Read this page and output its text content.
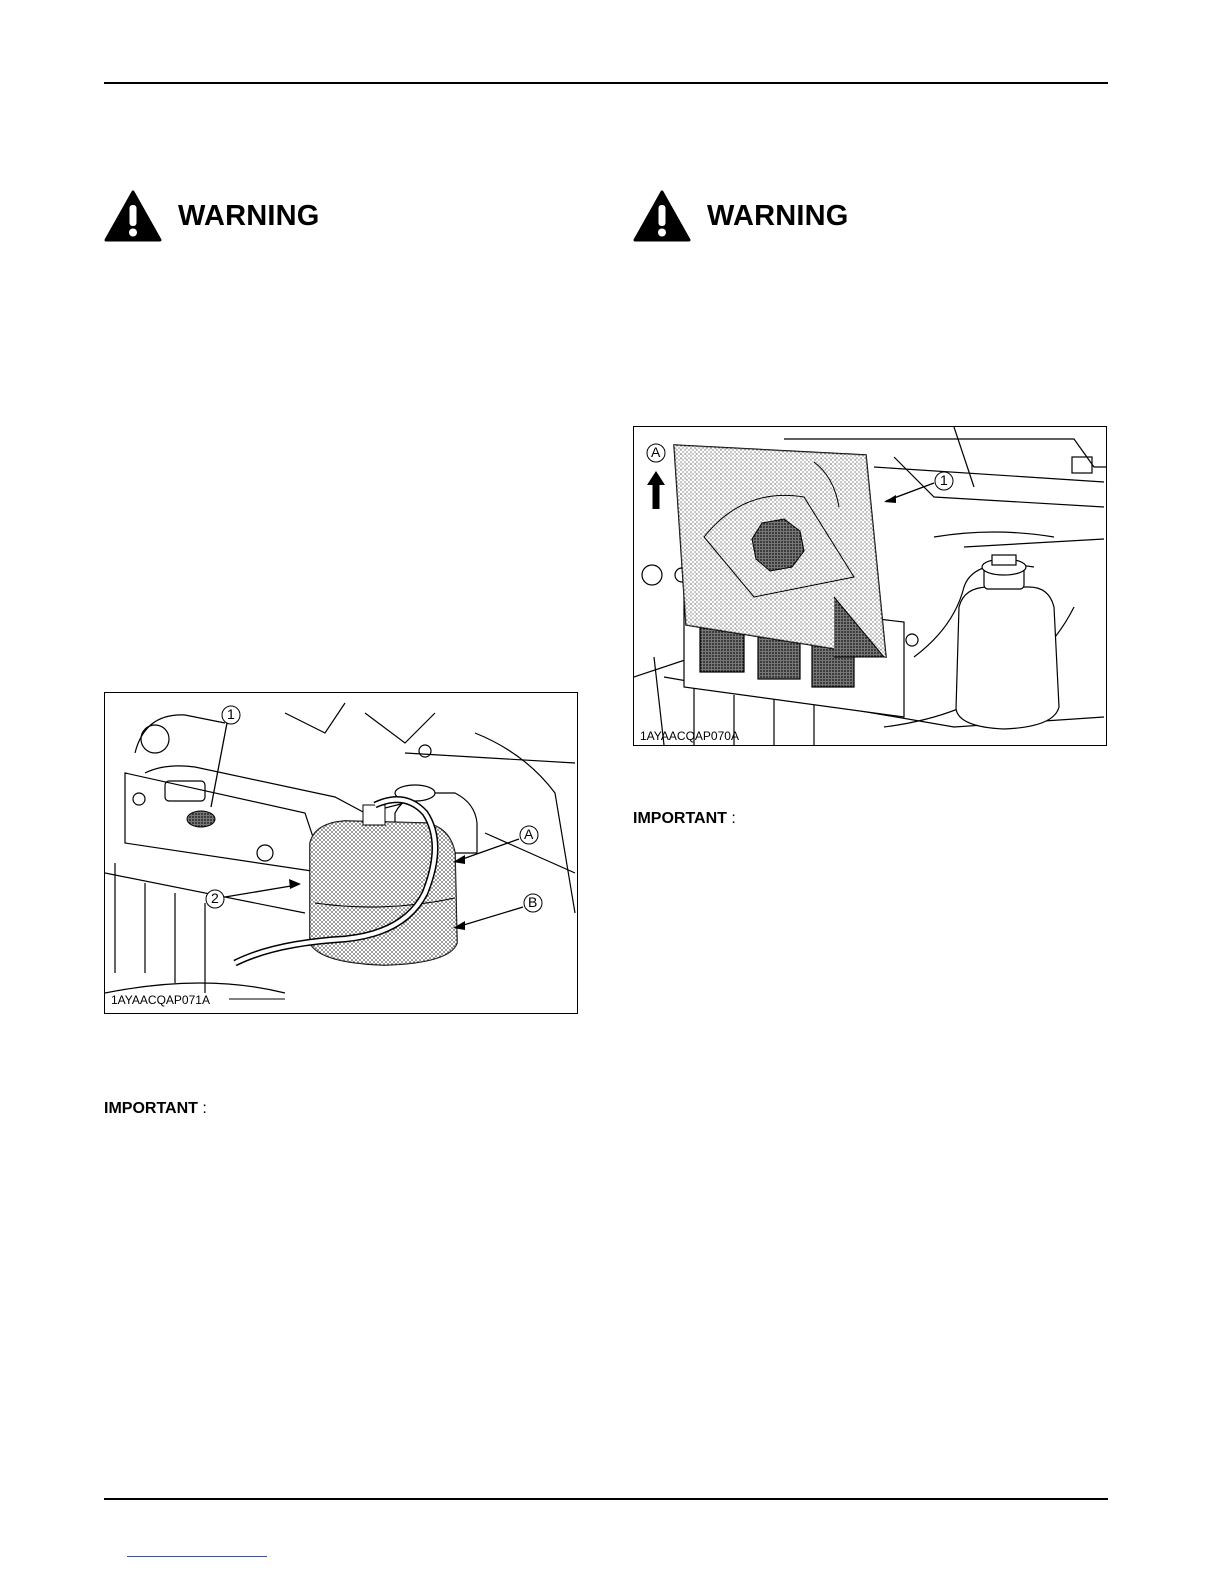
WARNING	WARNING
A
1
1AYAACQAP070A
IMPORTANT :
1
2
A
B
1AYAACQAP071A
IMPORTANT :
